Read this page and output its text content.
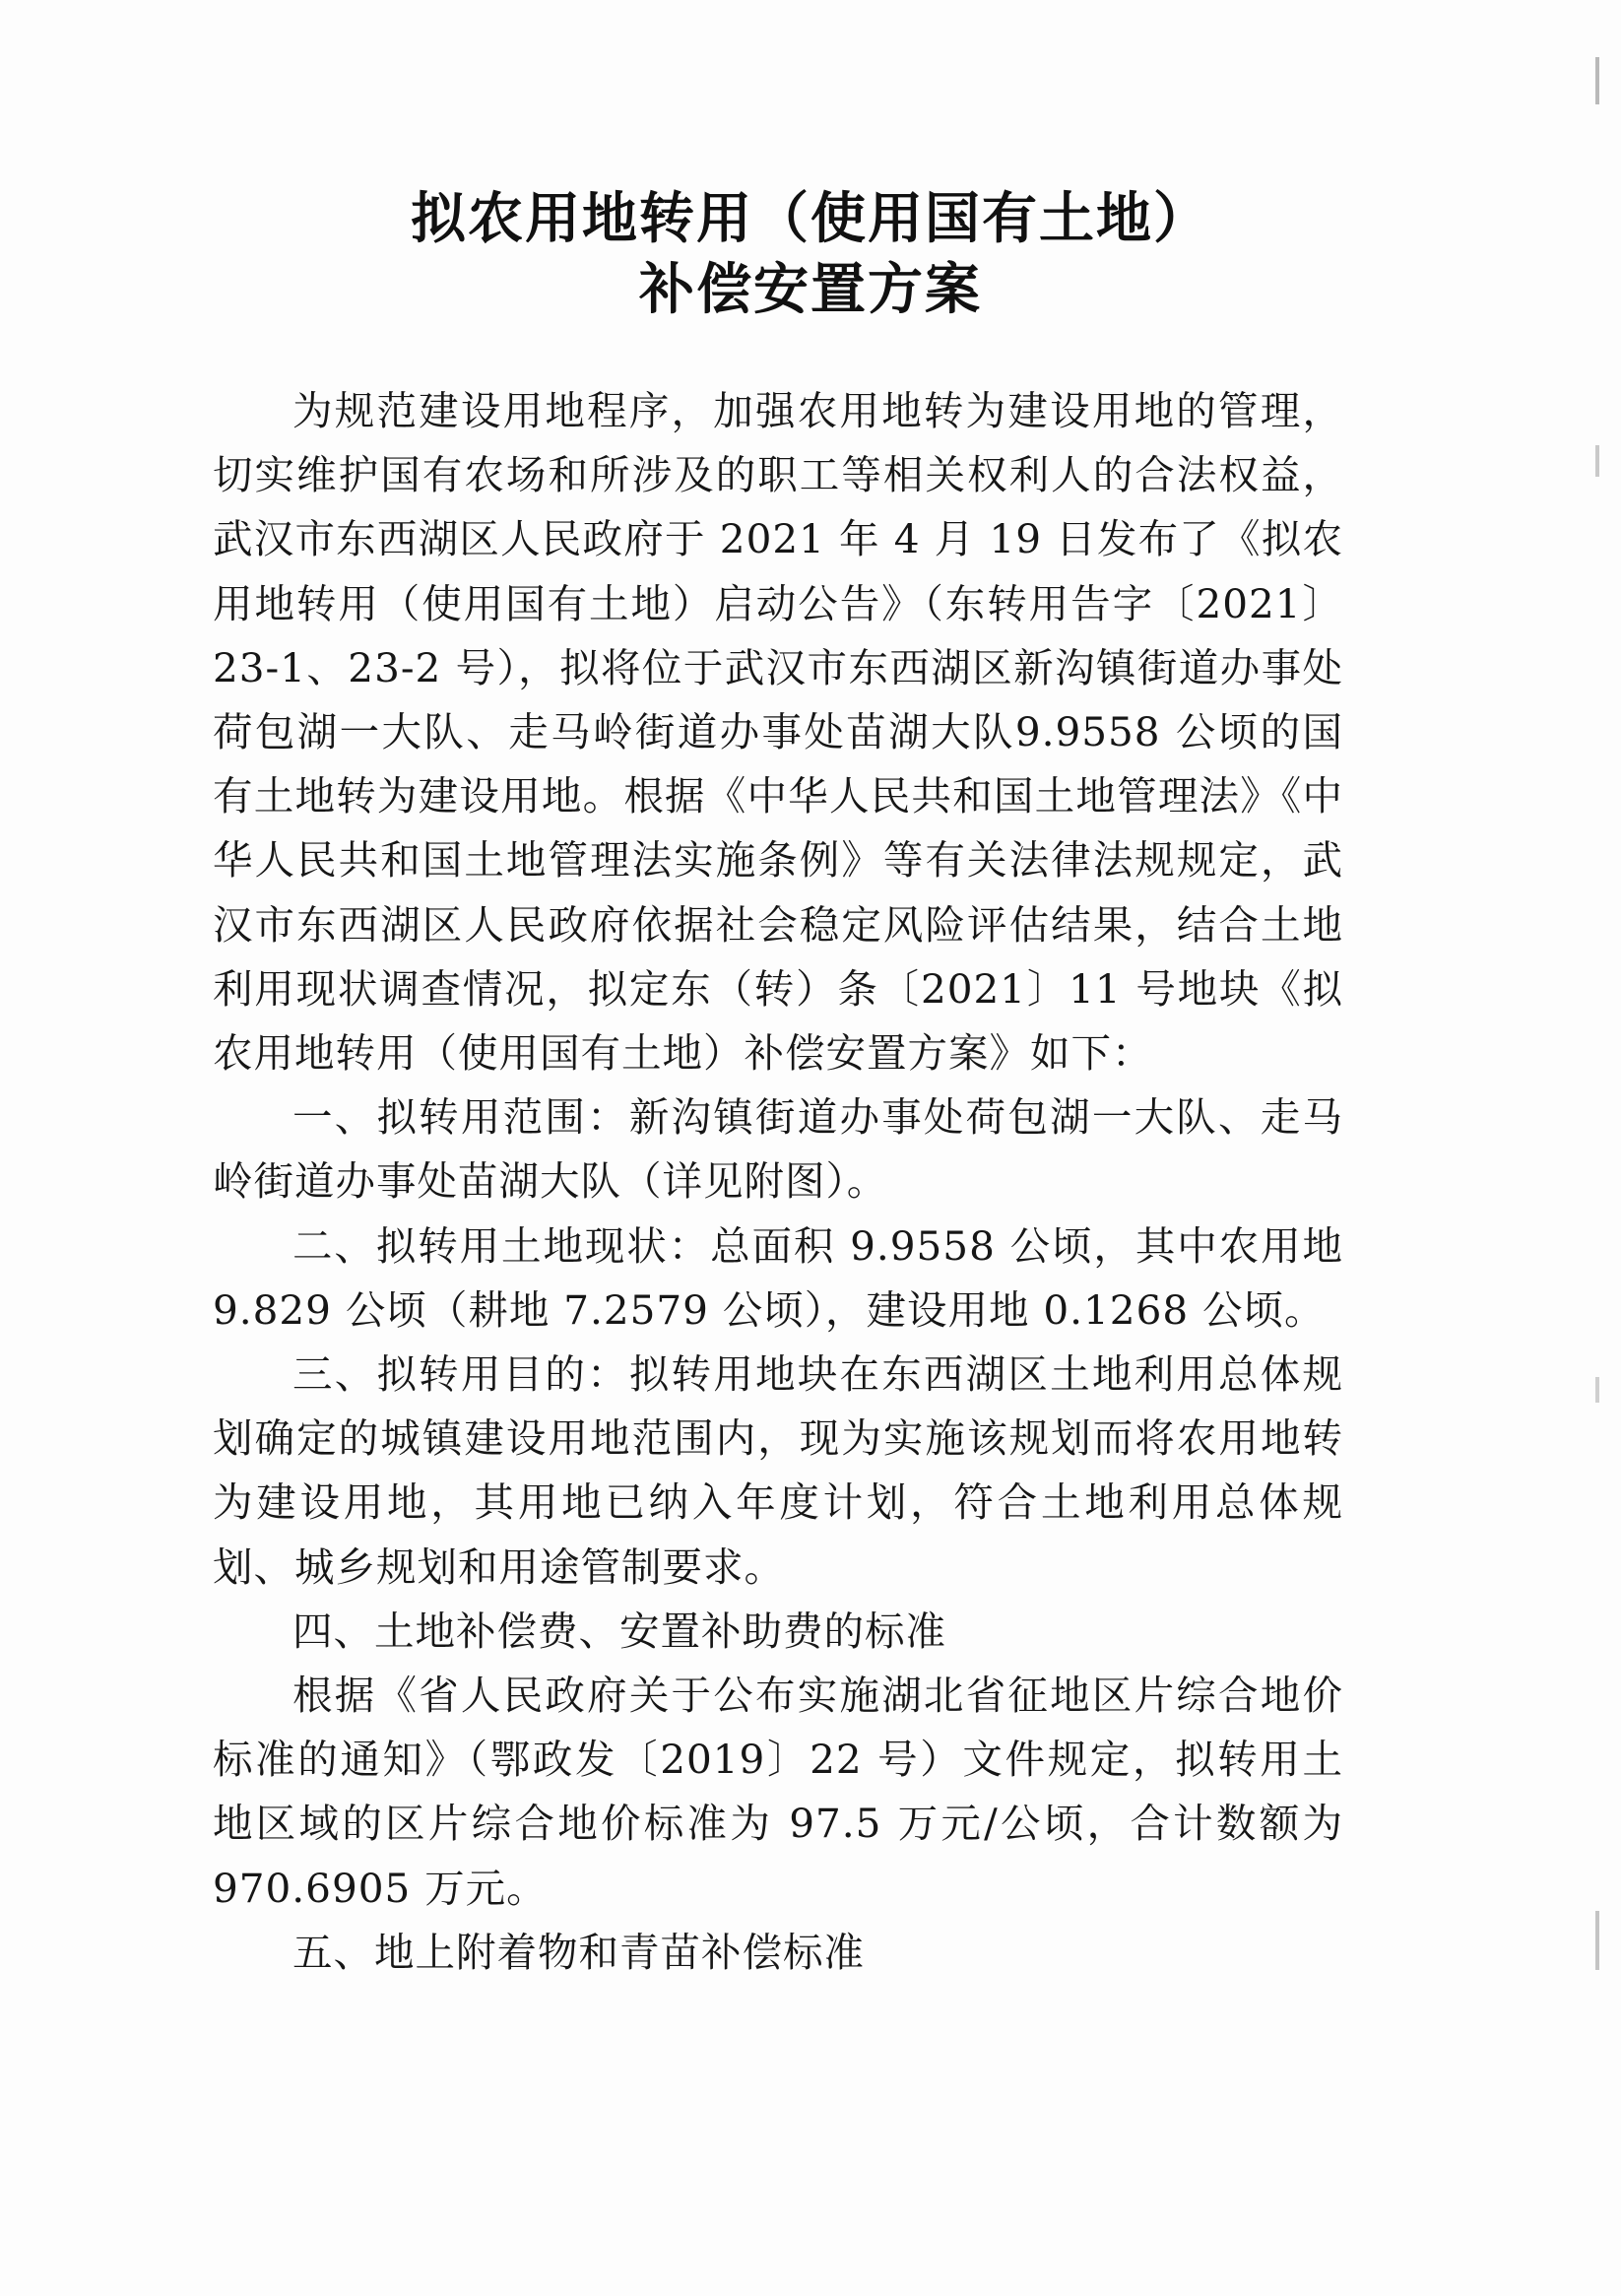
拟农用地转用（使用国有土地）
补偿安置方案

为规范建设用地程序，加强农用地转为建设用地的管理，切实维护国有农场和所涉及的职工等相关权利人的合法权益，武汉市东西湖区人民政府于 2021 年 4 月 19 日发布了《拟农用地转用（使用国有土地）启动公告》（东转用告字〔2021〕23-1、23-2 号），拟将位于武汉市东西湖区新沟镇街道办事处荷包湖一大队、走马岭街道办事处苗湖大队9.9558 公顷的国有土地转为建设用地。根据《中华人民共和国土地管理法》《中华人民共和国土地管理法实施条例》等有关法律法规规定，武汉市东西湖区人民政府依据社会稳定风险评估结果，结合土地利用现状调查情况，拟定东（转）条〔2021〕11 号地块《拟农用地转用（使用国有土地）补偿安置方案》如下：

一、拟转用范围：新沟镇街道办事处荷包湖一大队、走马岭街道办事处苗湖大队（详见附图）。

二、拟转用土地现状：总面积 9.9558 公顷，其中农用地 9.829 公顷（耕地 7.2579 公顷），建设用地 0.1268 公顷。

三、拟转用目的：拟转用地块在东西湖区土地利用总体规划确定的城镇建设用地范围内，现为实施该规划而将农用地转为建设用地，其用地已纳入年度计划，符合土地利用总体规划、城乡规划和用途管制要求。

四、土地补偿费、安置补助费的标准

根据《省人民政府关于公布实施湖北省征地区片综合地价标准的通知》（鄂政发〔2019〕22 号）文件规定，拟转用土地区域的区片综合地价标准为 97.5 万元/公顷，合计数额为 970.6905 万元。

五、地上附着物和青苗补偿标准
